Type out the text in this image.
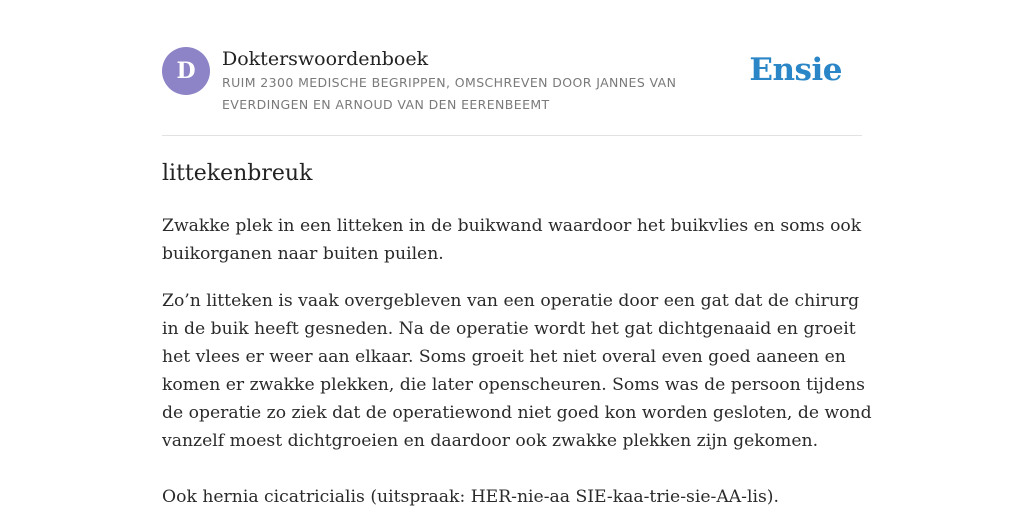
D	Dokterswoordenboek
RUIM 2300 MEDISCHE BEGRIPPEN, OMSCHREVEN DOOR JANNES VAN EVERDINGEN EN ARNOUD VAN DEN EERENBEEMT
Ensie
littekenbreuk

Zwakke plek in een litteken in de buikwand waardoor het buikvlies en soms ook buikorganen naar buiten puilen.

Zo’n litteken is vaak overgebleven van een operatie door een gat dat de chirurg in de buik heeft gesneden. Na de operatie wordt het gat dichtgenaaid en groeit het vlees er weer aan elkaar. Soms groeit het niet overal even goed aaneen en komen er zwakke plekken, die later openscheuren. Soms was de persoon tijdens de operatie zo ziek dat de operatiewond niet goed kon worden gesloten, de wond vanzelf moest dichtgroeien en daardoor ook zwakke plekken zijn gekomen.

Ook hernia cicatricialis (uitspraak: HER-nie-aa SIE-kaa-trie-sie-AA-lis).
